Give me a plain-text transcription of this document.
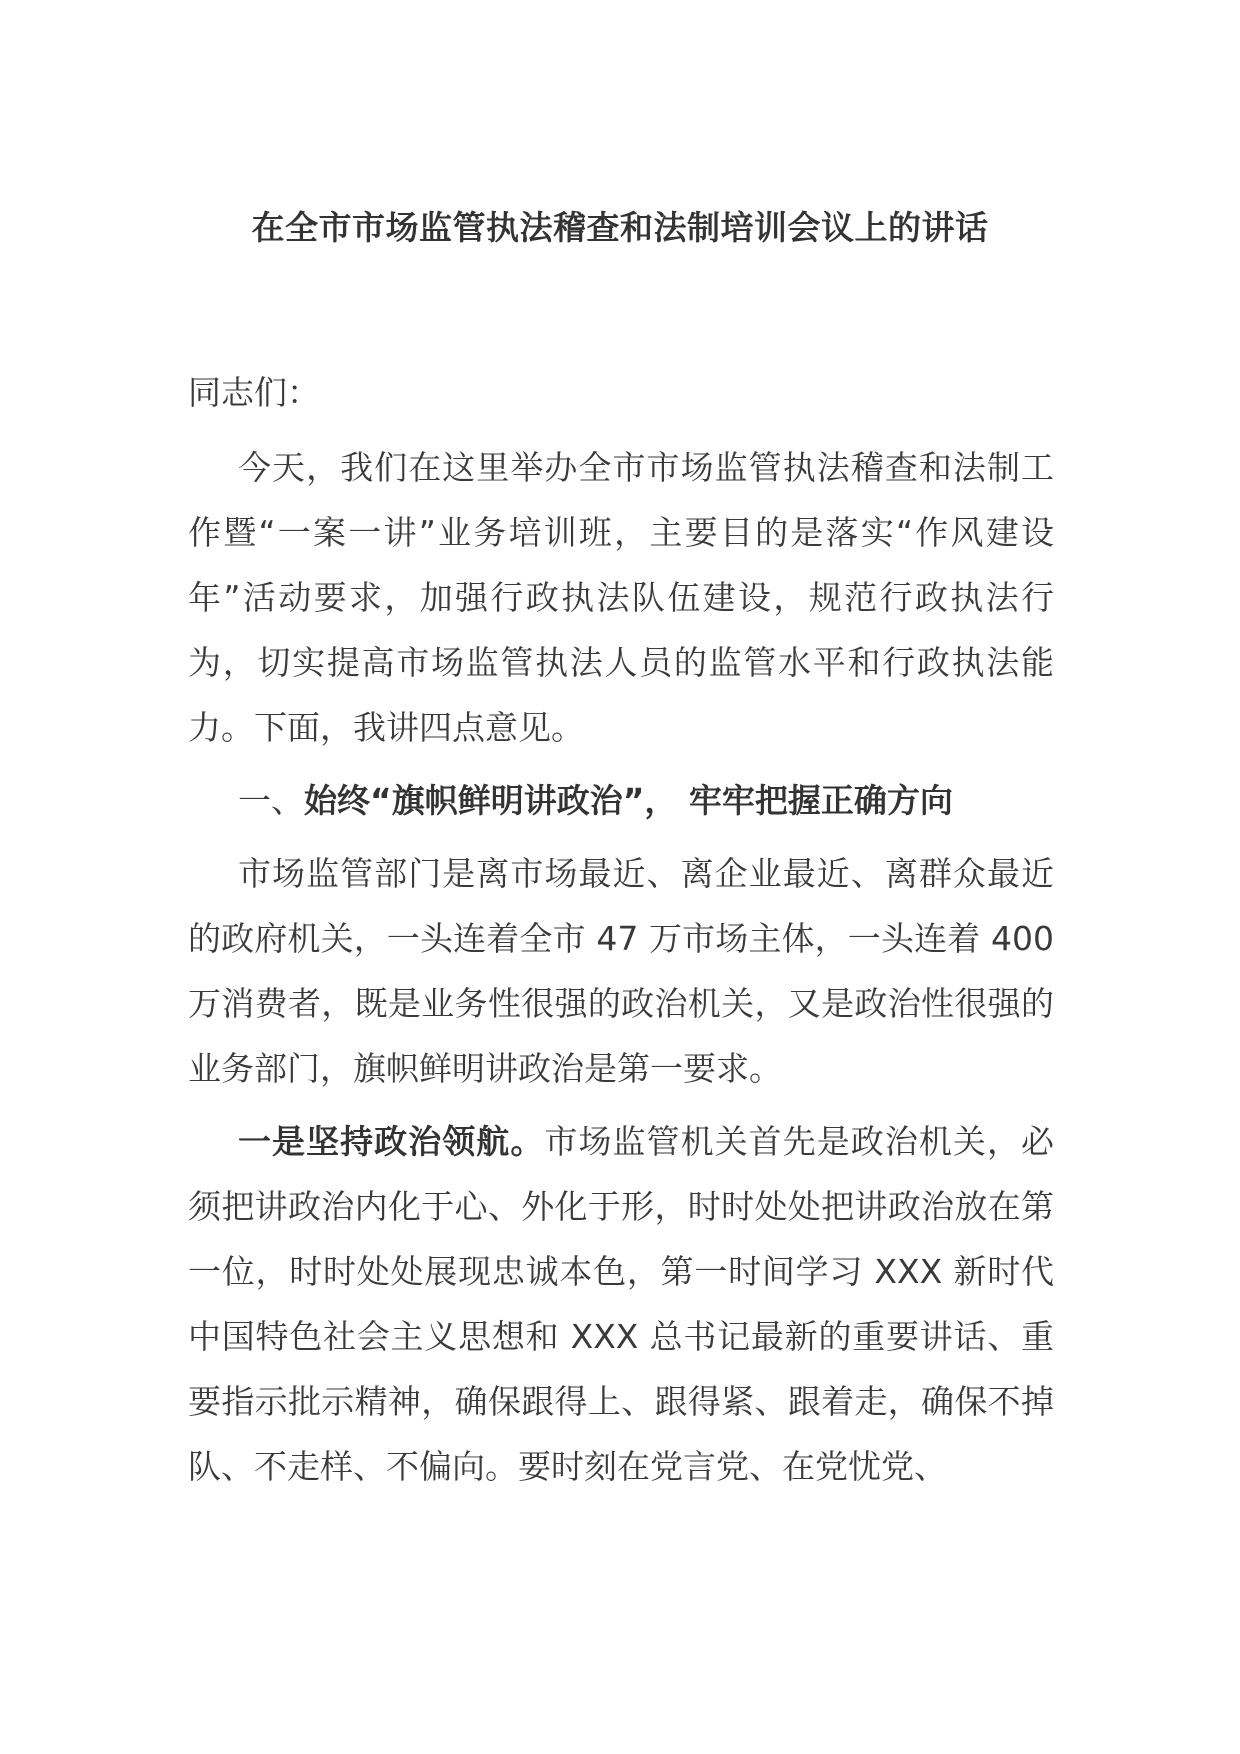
在全市市场监管执法稽查和法制培训会议上的讲话

同志们：

今天，我们在这里举办全市市场监管执法稽查和法制工作暨“一案一讲”业务培训班，主要目的是落实“作风建设年”活动要求，加强行政执法队伍建设，规范行政执法行为，切实提高市场监管执法人员的监管水平和行政执法能力。下面，我讲四点意见。

一、始终“旗帜鲜明讲政治”， 牢牢把握正确方向

市场监管部门是离市场最近、离企业最近、离群众最近的政府机关，一头连着全市 47 万市场主体，一头连着 400 万消费者，既是业务性很强的政治机关，又是政治性很强的业务部门，旗帜鲜明讲政治是第一要求。

一是坚持政治领航。市场监管机关首先是政治机关，必须把讲政治内化于心、外化于形，时时处处把讲政治放在第一位，时时处处展现忠诚本色，第一时间学习 XXX 新时代中国特色社会主义思想和 XXX 总书记最新的重要讲话、重要指示批示精神，确保跟得上、跟得紧、跟着走，确保不掉队、不走样、不偏向。要时刻在党言党、在党忧党、
